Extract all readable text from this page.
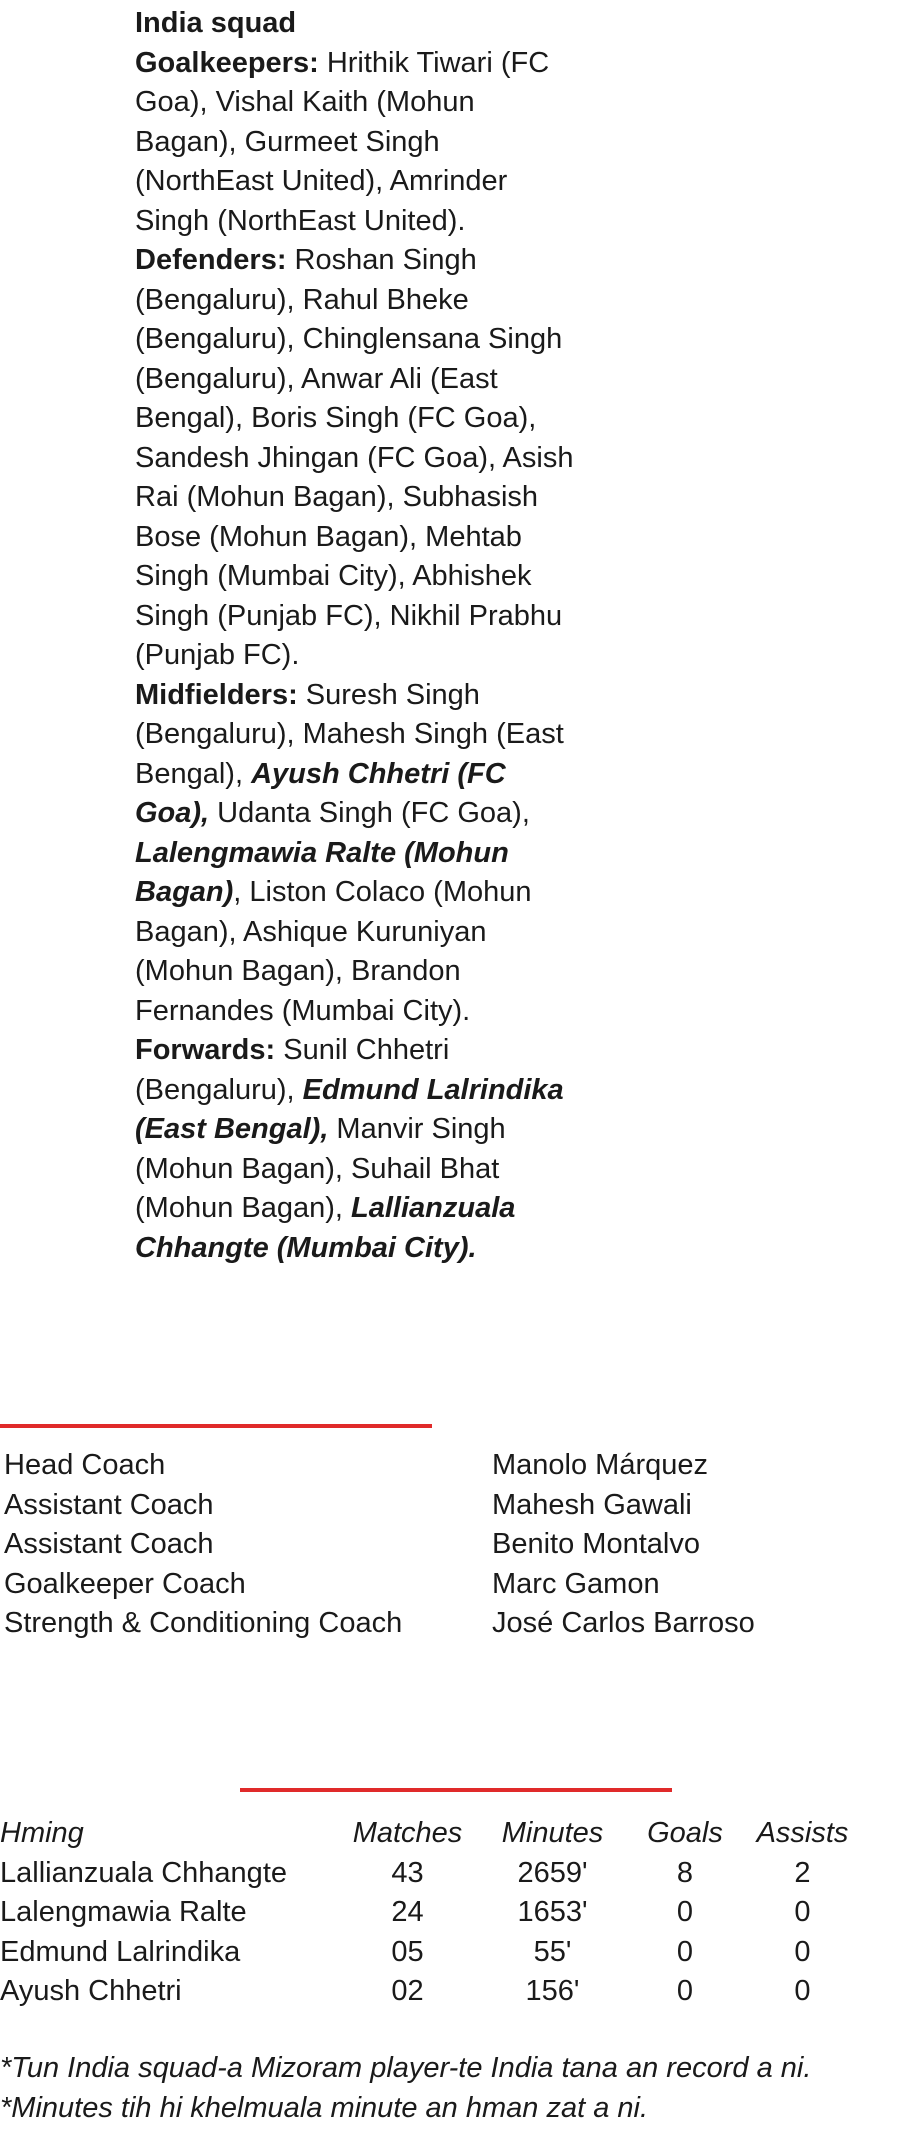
India squad
Goalkeepers: Hrithik Tiwari (FC Goa), Vishal Kaith (Mohun Bagan), Gurmeet Singh (NorthEast United), Amrinder Singh (NorthEast United).
Defenders: Roshan Singh (Bengaluru), Rahul Bheke (Bengaluru), Chinglensana Singh (Bengaluru), Anwar Ali (East Bengal), Boris Singh (FC Goa), Sandesh Jhingan (FC Goa), Asish Rai (Mohun Bagan), Subhasish Bose (Mohun Bagan), Mehtab Singh (Mumbai City), Abhishek Singh (Punjab FC), Nikhil Prabhu (Punjab FC).
Midfielders: Suresh Singh (Bengaluru), Mahesh Singh (East Bengal), Ayush Chhetri (FC Goa), Udanta Singh (FC Goa), Lalengmawia Ralte (Mohun Bagan), Liston Colaco (Mohun Bagan), Ashique Kuruniyan (Mohun Bagan), Brandon Fernandes (Mumbai City).
Forwards: Sunil Chhetri (Bengaluru), Edmund Lalrindika (East Bengal), Manvir Singh (Mohun Bagan), Suhail Bhat (Mohun Bagan), Lallianzuala Chhangte (Mumbai City).
Head Coach	Manolo Márquez
Assistant Coach	Mahesh Gawali
Assistant Coach	Benito Montalvo
Goalkeeper Coach	Marc Gamon
Strength & Conditioning Coach	José Carlos Barroso
Hming	Matches	Minutes	Goals	Assists
Lallianzuala Chhangte	43	2659'	8	2
Lalengmawia Ralte	24	1653'	0	0
Edmund Lalrindika	05	55'	0	0
Ayush Chhetri	02	156'	0	0
*Tun India squad-a Mizoram player-te India tana an record a ni.
*Minutes tih hi khelmuala minute an hman zat a ni.
